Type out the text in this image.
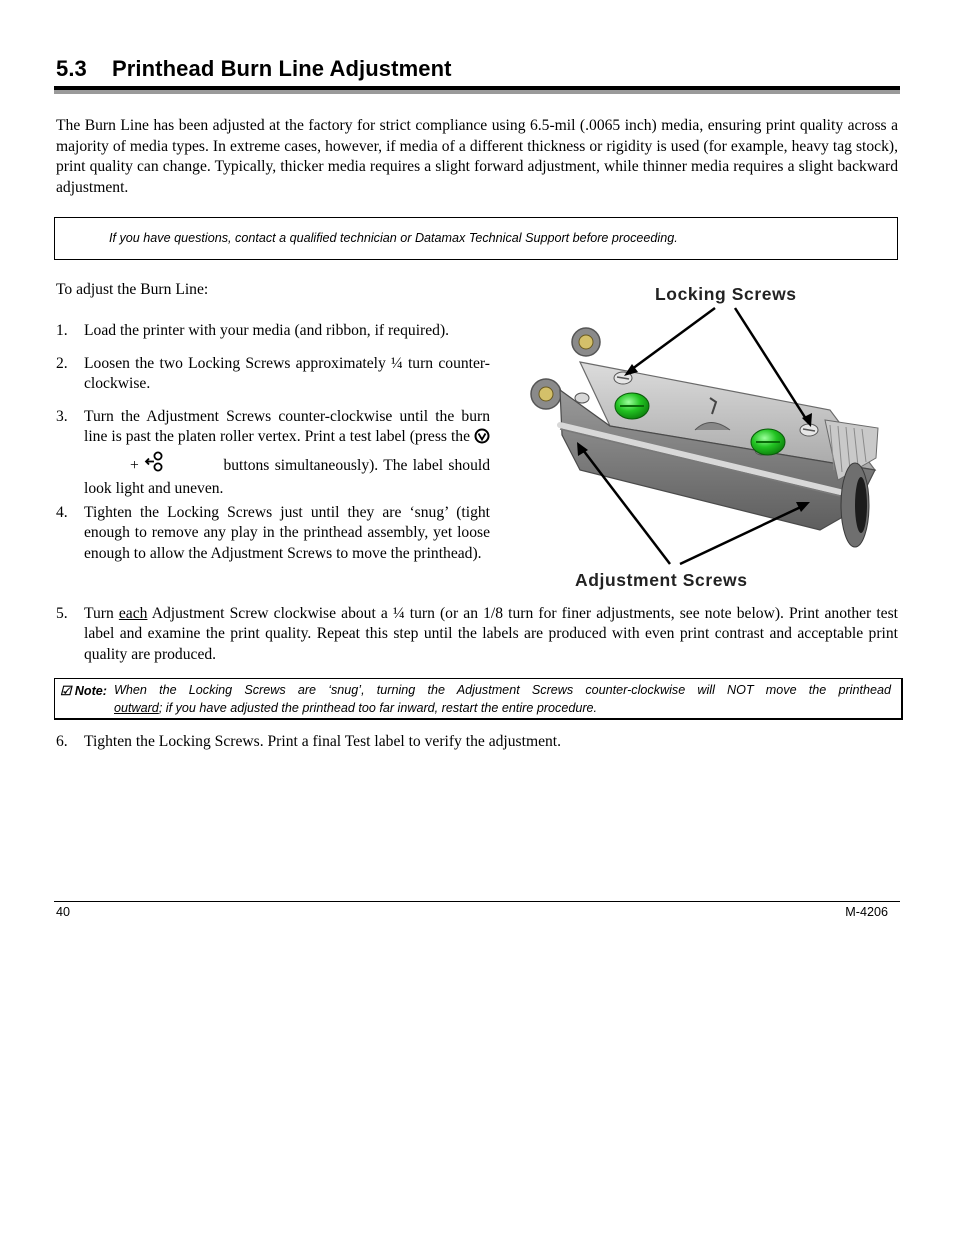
5.3 Printhead Burn Line Adjustment

The Burn Line has been adjusted at the factory for strict compliance using 6.5-mil (.0065 inch) media, ensuring print quality across a majority of media types. In extreme cases, however, if media of a different thickness or rigidity is used (for example, heavy tag stock), print quality can change. Typically, thicker media requires a slight forward adjustment, while thinner media requires a slight backward adjustment.

If you have questions, contact a qualified technician or Datamax Technical Support before proceeding.

To adjust the Burn Line:

1. Load the printer with your media (and ribbon, if required).
2. Loosen the two Locking Screws approximately ¼ turn counter-clockwise.
3. Turn the Adjustment Screws counter-clockwise until the burn line is past the platen roller vertex. Print a test label (press the  +	buttons simultaneously). The label should look light and uneven.
4. Tighten the Locking Screws just until they are ‘snug’ (tight enough to remove any play in the printhead assembly, yet loose enough to allow the Adjustment Screws to move the printhead).
5. Turn each Adjustment Screw clockwise about a ¼ turn (or an 1/8 turn for finer adjustments, see note below). Print another test label and examine the print quality. Repeat this step until the labels are produced with even print contrast and acceptable print quality are produced.
☑ Note: When the Locking Screws are ‘snug’, turning the Adjustment Screws counter-clockwise will NOT move the printhead
outward; if you have adjusted the printhead too far inward, restart the entire procedure.
6. Tighten the Locking Screws. Print a final Test label to verify the adjustment.
Locking Screws
Adjustment Screws
40	M-4206
